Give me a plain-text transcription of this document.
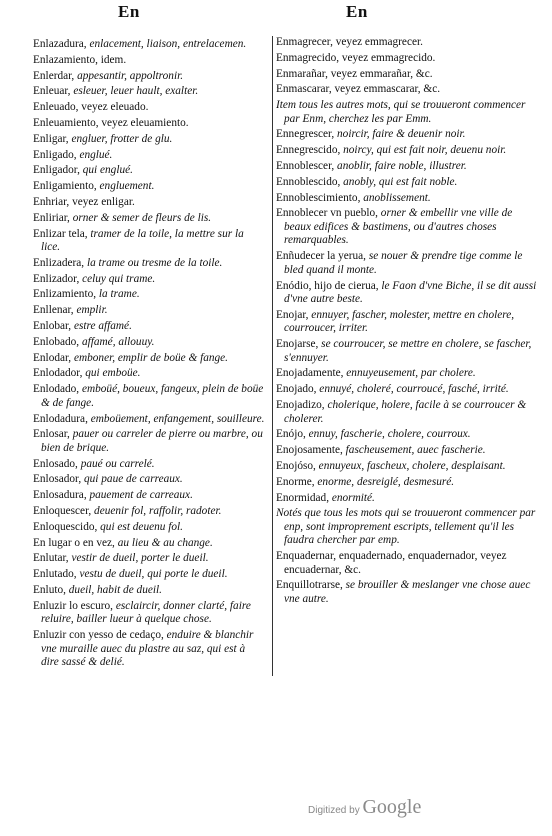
En	En

Enlazadura, enlacement, liaison, entrelacemen.

Enlazamiento, idem.

Enlerdar, appesantir, appoltronir.

Enleuar, esleuer, leuer hault, exalter.

Enleuado, veyez eleuado.

Enleuamiento, veyez eleuamiento.

Enligar, engluer, frotter de glu.

Enligado, englué.

Enligador, qui englué.

Enligamiento, engluement.

Enhriar, veyez enligar.

Enliriar, orner & semer de fleurs de lis.

Enlizar tela, tramer de la toile, la mettre sur la lice.

Enlizadera, la trame ou tresme de la toile.

Enlizador, celuy qui trame.

Enlizamiento, la trame.

Enllenar, emplir.

Enlobar, estre affamé.

Enlobado, affamé, allouuy.

Enlodar, emboner, emplir de boüe & fange.

Enlodador, qui emboüe.

Enlodado, emboüé, boueux, fangeux, plein de boüe & de fange.

Enlodadura, emboüement, enfangement, souilleure.

Enlosar, pauer ou carreler de pierre ou marbre, ou bien de brique.

Enlosado, paué ou carrelé.

Enlosador, qui paue de carreaux.

Enlosadura, pauement de carreaux.

Enloquescer, deuenir fol, raffolir, radoter.

Enloquescido, qui est deuenu fol.

En lugar o en vez, au lieu & au change.

Enlutar, vestir de dueil, porter le dueil.

Enlutado, vestu de dueil, qui porte le dueil.

Enluto, dueil, habit de dueil.

Enluzir lo escuro, esclaircir, donner clarté, faire reluire, bailler lueur à quelque chose.

Enluzir con yesso de cedaço, enduire & blanchir vne muraille auec du plastre au saz, qui est à dire sassé & delié.

Enmagrecer, veyez emmagrecer.

Enmagrecido, veyez emmagrecido.

Enmarañar, veyez emmarañar, &c.

Enmascarar, veyez emmascarar, &c.

Item tous les autres mots, qui se trouueront commencer par Enm, cherchez les par Emm.

Ennegrescer, noircir, faire & deuenir noir.

Ennegrescido, noircy, qui est fait noir, deuenu noir.

Ennoblescer, anoblir, faire noble, illustrer.

Ennoblescido, anobly, qui est fait noble.

Ennoblescimiento, anoblissement.

Ennoblecer vn pueblo, orner & embellir vne ville de beaux edifices & bastimens, ou d'autres choses remarquables.

Enñudecer la yerua, se nouer & prendre tige comme le bled quand il monte.

Enódio, hijo de cierua, le Faon d'vne Biche, il se dit aussi d'vne autre beste.

Enojar, ennuyer, fascher, molester, mettre en cholere, courroucer, irriter.

Enojarse, se courroucer, se mettre en cholere, se fascher, s'ennuyer.

Enojadamente, ennuyeusement, par cholere.

Enojado, ennuyé, choleré, courroucé, fasché, irrité.

Enojadizo, cholerique, holere, facile à se courroucer & cholerer.

Enójo, ennuy, fascherie, cholere, courroux.

Enojosamente, fascheusement, auec fascherie.

Enojóso, ennuyeux, fascheux, cholere, desplaisant.

Enorme, enorme, desreiglé, desmesuré.

Enormidad, enormité.

Notés que tous les mots qui se trouueront commencer par enp, sont improprement escripts, tellement qu'il les faudra chercher par emp.

Enquadernar, enquadernado, enquadernador, veyez encuadernar, &c.

Enquillotrarse, se brouiller & meslanger vne chose auec vne autre.

Digitized by Google
